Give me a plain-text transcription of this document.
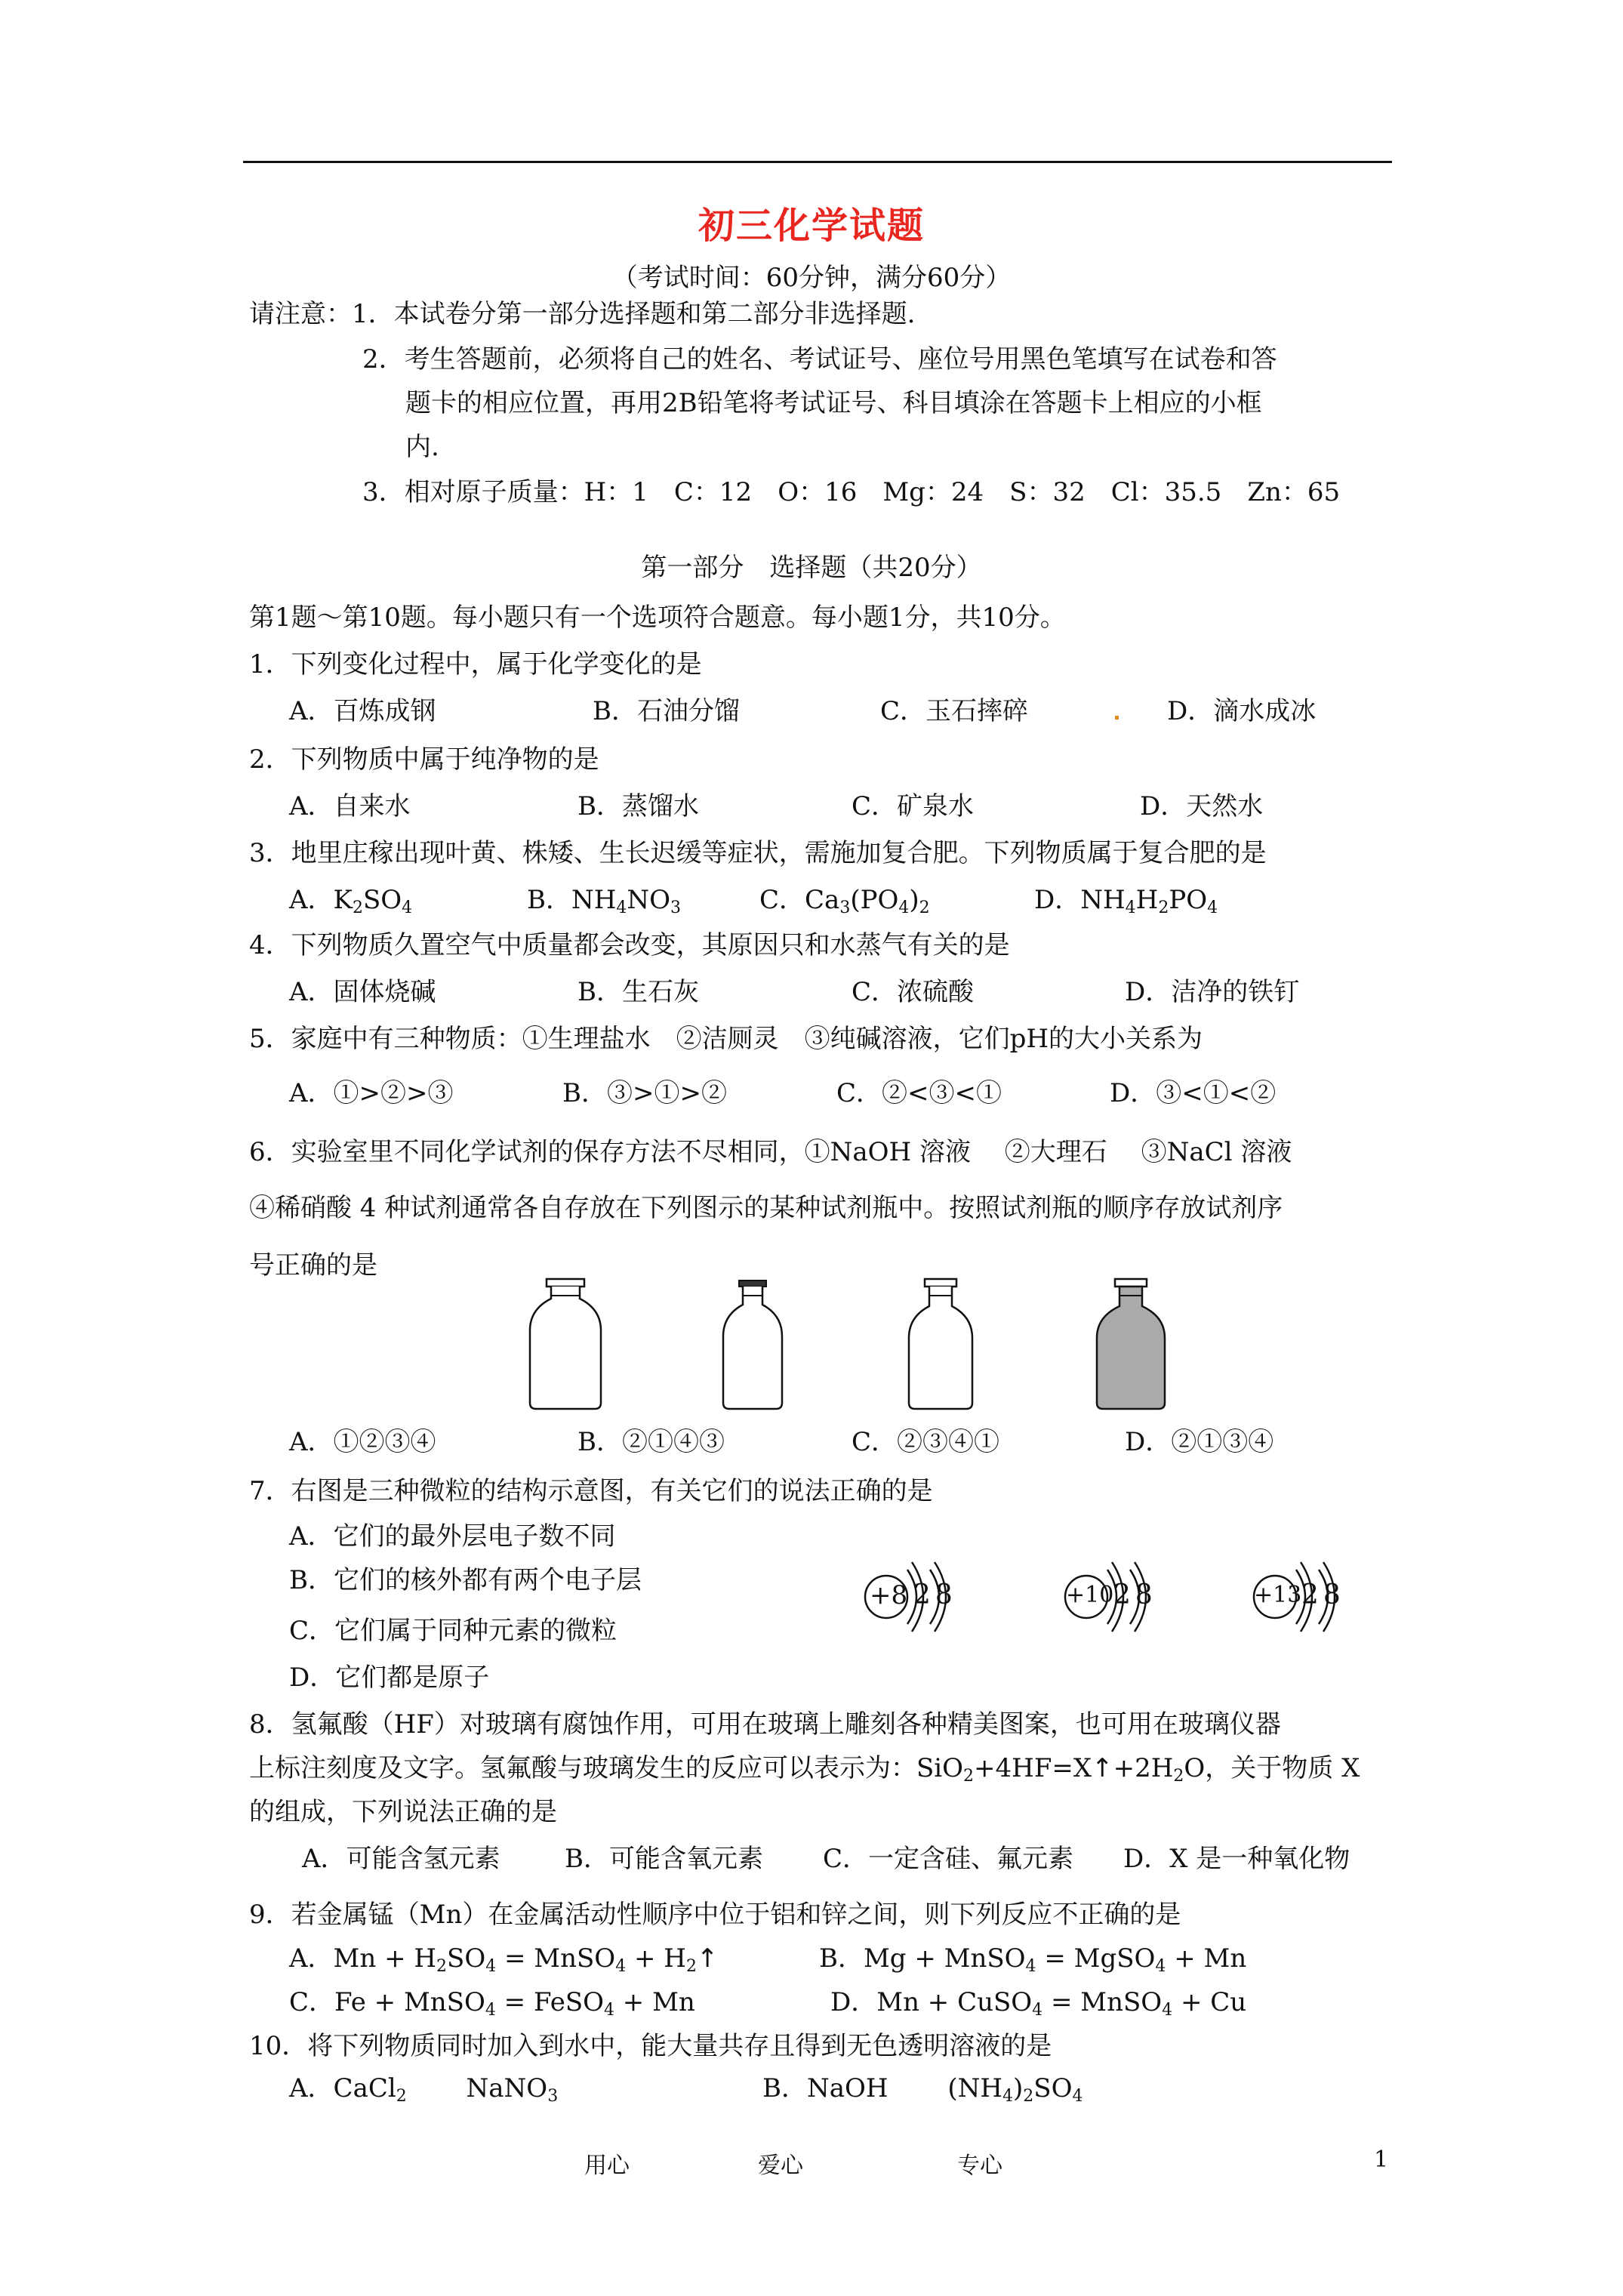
初三化学试题
（考试时间：60分钟，满分60分）
请注意：1．本试卷分第一部分选择题和第二部分非选择题.
2．考生答题前，必须将自己的姓名、考试证号、座位号用黑色笔填写在试卷和答
题卡的相应位置，再用2B铅笔将考试证号、科目填涂在答题卡上相应的小框
内.
3．相对原子质量：H：1　C：12　O：16　Mg：24　S：32　Cl：35.5　Zn：65
第一部分　选择题（共20分）
第1题～第10题。每小题只有一个选项符合题意。每小题1分，共10分。
1．下列变化过程中，属于化学变化的是
A．百炼成钢	B．石油分馏	C．玉石摔碎	D．滴水成冰
2．下列物质中属于纯净物的是
A．自来水	B．蒸馏水	C．矿泉水	D．天然水
3．地里庄稼出现叶黄、株矮、生长迟缓等症状，需施加复合肥。下列物质属于复合肥的是
A．$K_2SO_4$	B．$NH_4NO_3$	C．$Ca_3(PO_4)_2$	D．$NH_4H_2PO_4$
4．下列物质久置空气中质量都会改变，其原因只和水蒸气有关的是
A．固体烧碱	B．生石灰	C．浓硫酸	D．洁净的铁钉
5．家庭中有三种物质：①生理盐水　②洁厕灵　③纯碱溶液，它们pH的大小关系为
A．①>②>③	B．③>①>②	C．②<③<①	D．③<①<②
6．实验室里不同化学试剂的保存方法不尽相同，①NaOH 溶液　 ②大理石　 ③NaCl 溶液
④稀硝酸 4 种试剂通常各自存放在下列图示的某种试剂瓶中。按照试剂瓶的顺序存放试剂序
号正确的是
A．①②③④	B．②①④③	C．②③④①	D．②①③④
7．右图是三种微粒的结构示意图，有关它们的说法正确的是
A．它们的最外层电子数不同
B．它们的核外都有两个电子层
C．它们属于同种元素的微粒
D．它们都是原子
+8 28	+10 28	+13 28
8．氢氟酸（HF）对玻璃有腐蚀作用，可用在玻璃上雕刻各种精美图案，也可用在玻璃仪器
上标注刻度及文字。氢氟酸与玻璃发生的反应可以表示为：$SiO_2+4HF=X↑+2H_2O$，关于物质 X
的组成，下列说法正确的是
A．可能含氢元素	B．可能含氧元素 C．一定含硅、氟元素 D．X 是一种氧化物
9．若金属锰（Mn）在金属活动性顺序中位于铝和锌之间，则下列反应不正确的是
A．$Mn + H_2SO_4$ = MnSO$_4$ + $H_2↑$	B．Mg + MnSO$_4$ = MgSO$_4$ + Mn
C．Fe + MnSO$_4$ = FeSO$_4$ + Mn	D．Mn + CuSO$_4$ = MnSO$_4$ + Cu
10．将下列物质同时加入到水中，能大量共存且得到无色透明溶液的是
A．CaCl$_2$　　 NaNO$_3$	B．NaOH　　 $(NH_4)_2SO_4$
用心	爱心	专心	1
